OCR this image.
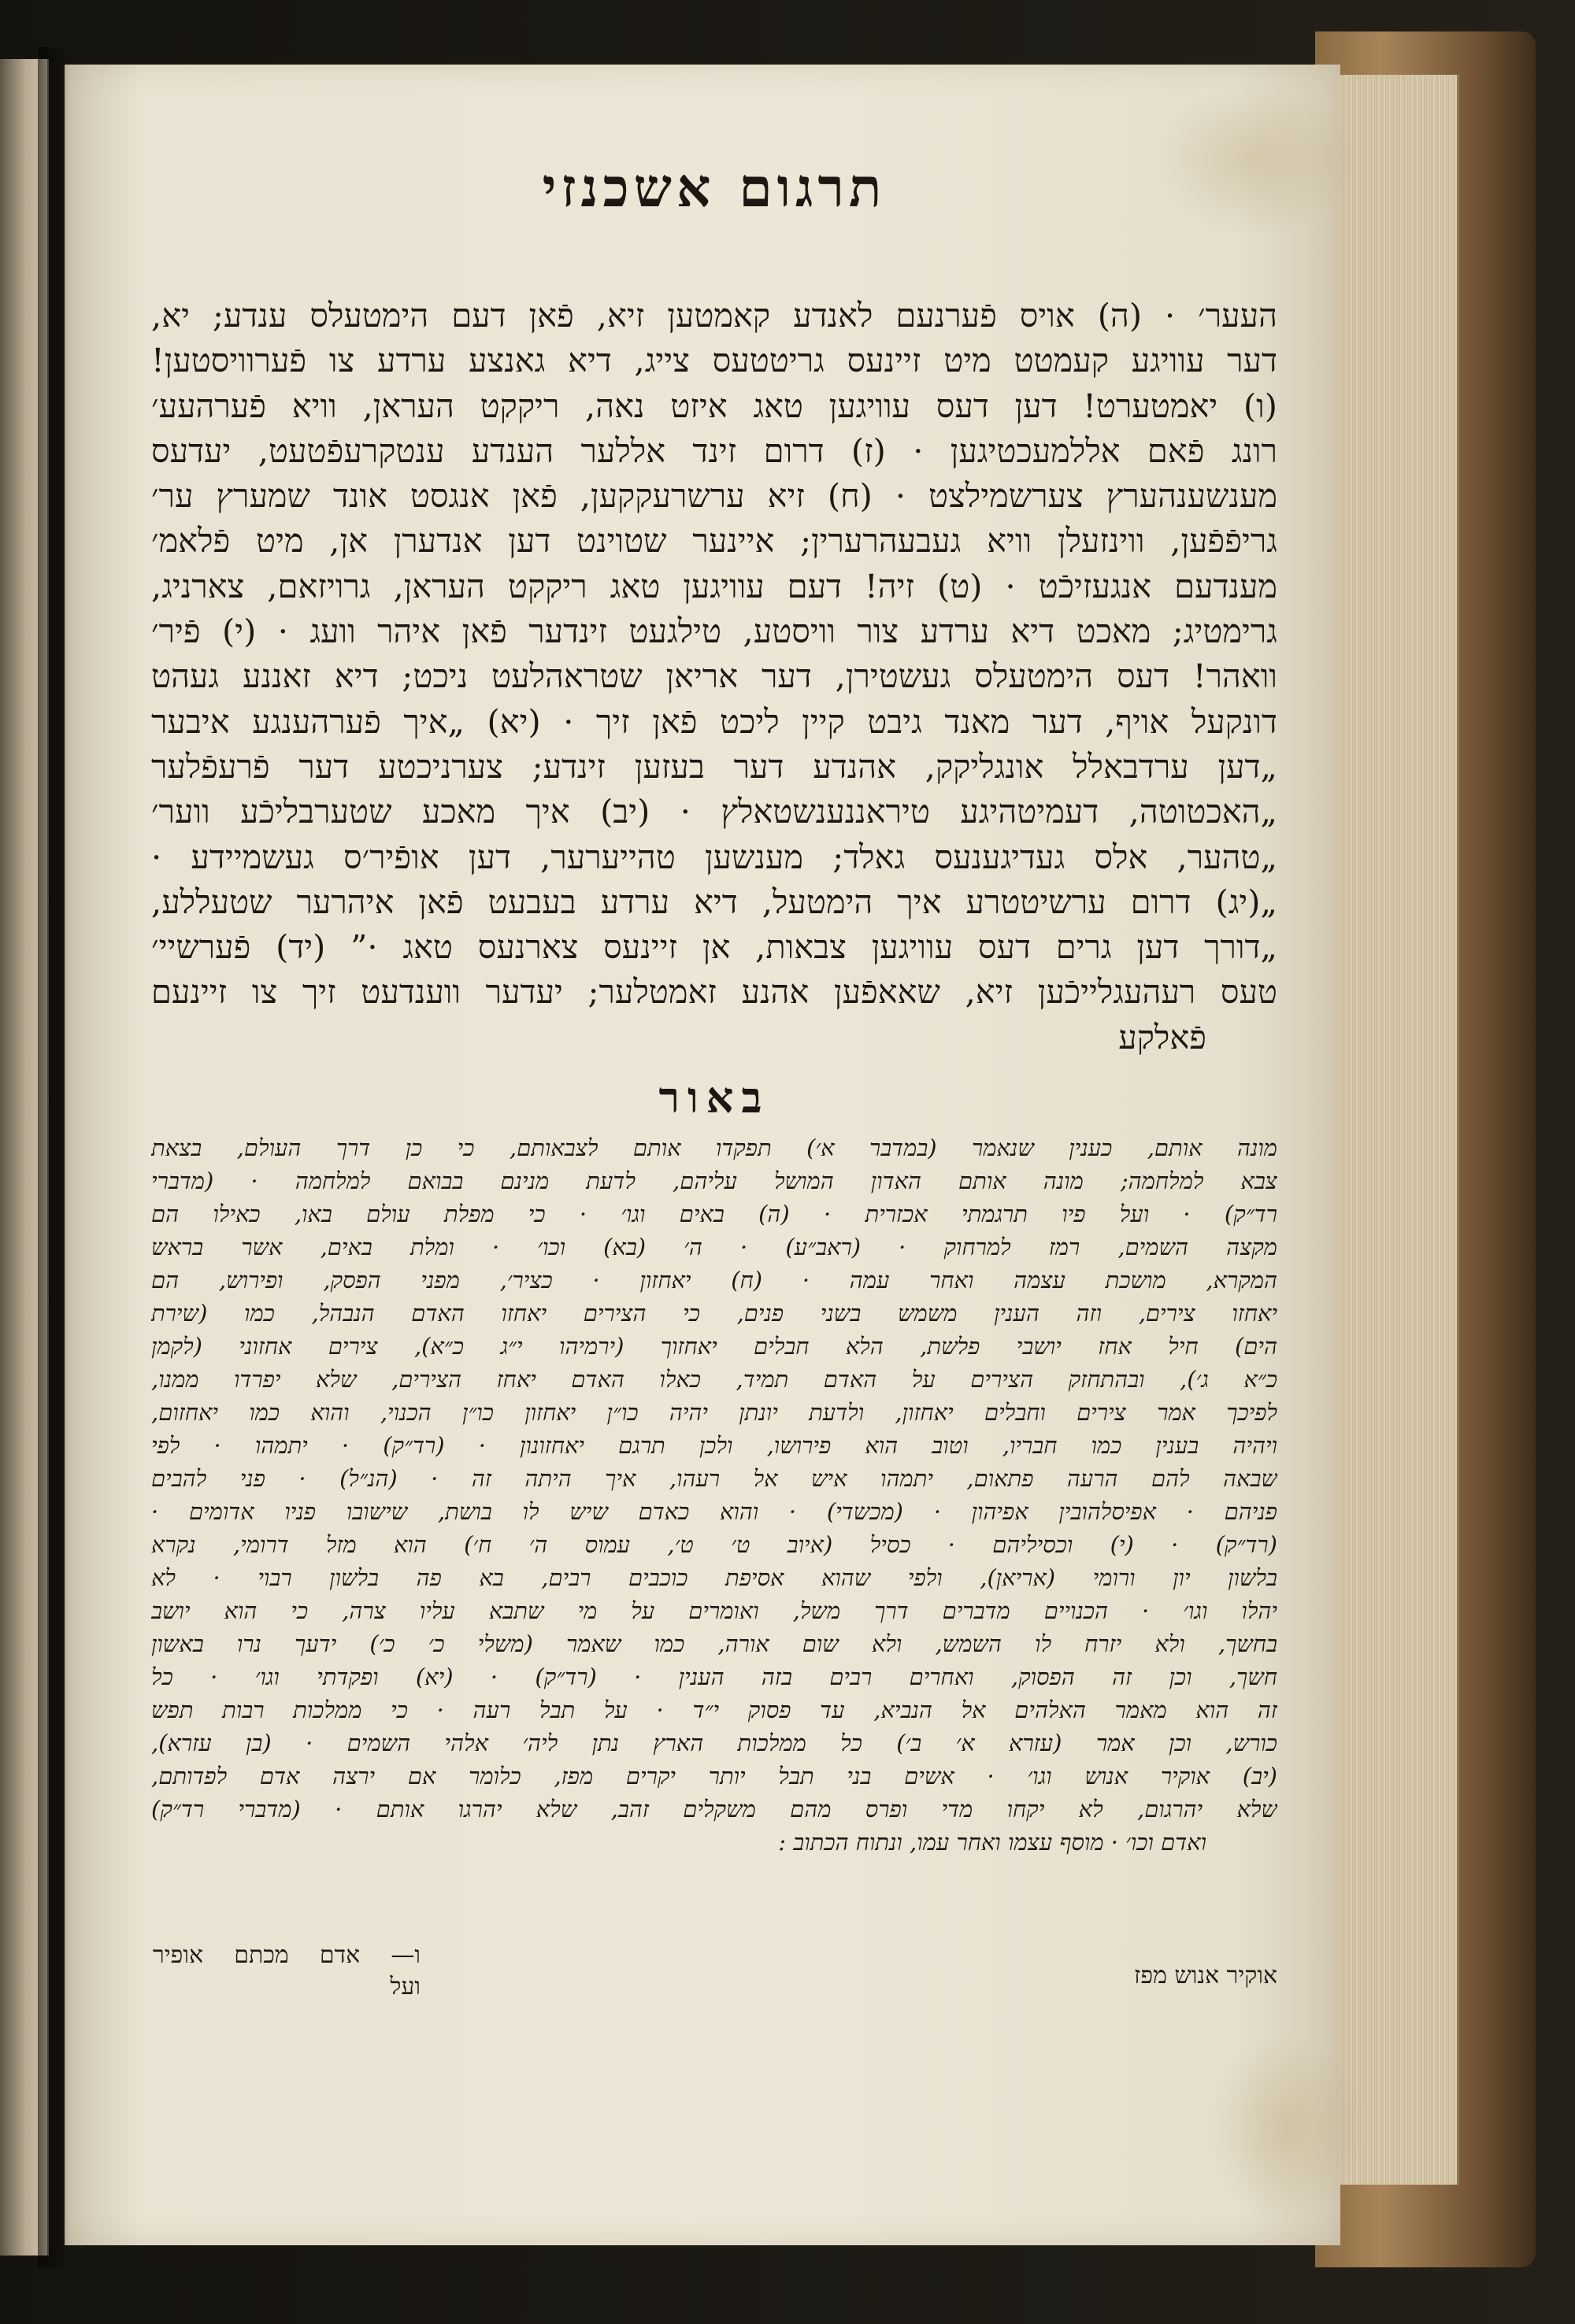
תרגום אשכנזי
העער׳ · (ה) אויס פֿערנעם לאנדע קאמטען זיא, פֿאן דעם הימטעלס ענדע; יא,
דער עוויגע קעמטט מיט זיינעס גריטטעס צייג, דיא גאנצע ערדע צו פֿערוויסטען!
(ו) יאמטערט! דען דעס עוויגען טאג איזט נאה, ריקקט העראן, וויא פֿערהעע׳
רונג פֿאם אללמעכטיגען · (ז) דרום זינד אללער הענדע ענטקרעפֿטעט, יעדעס
מענשענהערץ צערשמילצט · (ח) זיא ערשרעקקען, פֿאן אנגסט אונד שמערץ ער׳
גריפֿפֿען, ווינזעלן וויא געבעהרערין; איינער שטוינט דען אנדערן אן, מיט פֿלאמ׳
מענדעם אנגעזיכֿט · (ט) זיה! דעם עוויגען טאג ריקקט העראן, גרויזאם, צארניג,
גרימטיג; מאכט דיא ערדע צור וויסטע, טילגעט זינדער פֿאן איהר וועג · (י) פֿיר׳
וואהר! דעס הימטעלס געשטירן, דער אריאן שטראהלעט ניכט; דיא זאננע געהט
דונקעל אויף, דער מאנד גיבט קיין ליכט פֿאן זיך · (יא) „איך פֿערהענגע איבער
„דען ערדבאלל אונגליקק, אהנדע דער בעזען זינדע; צערניכטע דער פֿרעפֿלער
„האכטוטה, דעמיטהיגע טיראננענשטאלץ · (יב) איך מאכע שטערבליכֿע ווער׳
„טהער, אלס געדיגענעס גאלד; מענשען טהייערער, דען אופֿיר׳ס געשמיידע ·
„(יג) דרום ערשיטטרע איך הימטעל, דיא ערדע בעבעט פֿאן איהרער שטעללע,
„דורך דען גרים דעס עוויגען צבאות, אן זיינעס צארנעס טאג ·” (יד) פֿערשיי׳
טעס רעהעגלייכֿען זיא, שאאפֿען אהנע זאמטלער; יעדער ווענדעט זיך צו זיינעם
פֿאלקע
באור
מונה אותם, כענין שנאמר (במדבר א׳) תפקדו אותם לצבאותם, כי כן דרך העולם, בצאת
צבא למלחמה; מונה אותם האדון המושל עליהם, לדעת מנינם בבואם למלחמה · (מדברי
רד״ק) · ועל פיו תרגמתי אכזרית · (ה) באים וגו׳ · כי מפלת עולם באו, כאילו הם
מקצה השמים, רמז למרחוק · (ראב״ע) · ה׳ (בא) וכו׳ · ומלת באים, אשר בראש
המקרא, מושכת עצמה ואחר עמה · (ח) יאחזון · כציר׳, מפני הפסק, ופירוש, הם
יאחזו צירים, וזה הענין משמש בשני פנים, כי הצירים יאחזו האדם הנבהל, כמו (שירת
הים) חיל אחז יושבי פלשת, הלא חבלים יאחזוך (ירמיהו י״ג כ״א), צירים אחזוני (לקמן
כ״א ג׳), ובהתחזק הצירים על האדם תמיד, כאלו האדם יאחז הצירים, שלא יפרדו ממנו,
לפיכך אמר צירים וחבלים יאחזון, ולדעת יונתן יהיה כו״ן יאחזון כו״ן הכנוי, והוא כמו יאחזום,
ויהיה בענין כמו חבריו, וטוב הוא פירושו, ולכן תרגם יאחזונון · (רד״ק) · יתמהו · לפי
שבאה להם הרעה פתאום, יתמהו איש אל רעהו, איך היתה זה · (הנ״ל) · פני להבים
פניהם · אפיסלהובין אפיהון · (מכשדי) · והוא כאדם שיש לו בושת, שישובו פניו אדומים ·
(רד״ק) · (י) וכסיליהם · כסיל (איוב ט׳ ט׳, עמוס ה׳ ח׳) הוא מזל דרומי, נקרא
בלשון יון ורומי (אריאן), ולפי שהוא אסיפת כוכבים רבים, בא פה בלשון רבוי · לא
יהלו וגו׳ · הכנויים מדברים דרך משל, ואומרים על מי שתבא עליו צרה, כי הוא יושב
בחשך, ולא יזרח לו השמש, ולא שום אורה, כמו שאמר (משלי כ׳ כ׳) ידעך נרו באשון
חשך, וכן זה הפסוק, ואחרים רבים בזה הענין · (רד״ק) · (יא) ופקדתי וגו׳ · כל
זה הוא מאמר האלהים אל הנביא, עד פסוק י״ד · על תבל רעה · כי ממלכות רבות תפש
כורש, וכן אמר (עזרא א׳ ב׳) כל ממלכות הארץ נתן ליה׳ אלהי השמים · (בן עזרא),
(יב) אוקיר אנוש וגו׳ · אשים בני תבל יותר יקרים מפז, כלומר אם ירצה אדם לפדותם,
שלא יהרגום, לא יקחו מדי ופרס מהם משקלים זהב, שלא יהרגו אותם · (מדברי רד״ק)
ואדם וכו׳ · מוסף עצמו ואחר עמו, ונתוח הכתוב :
אוקיר אנוש מפז
ו— אדם מכתם אופיר
ועל
